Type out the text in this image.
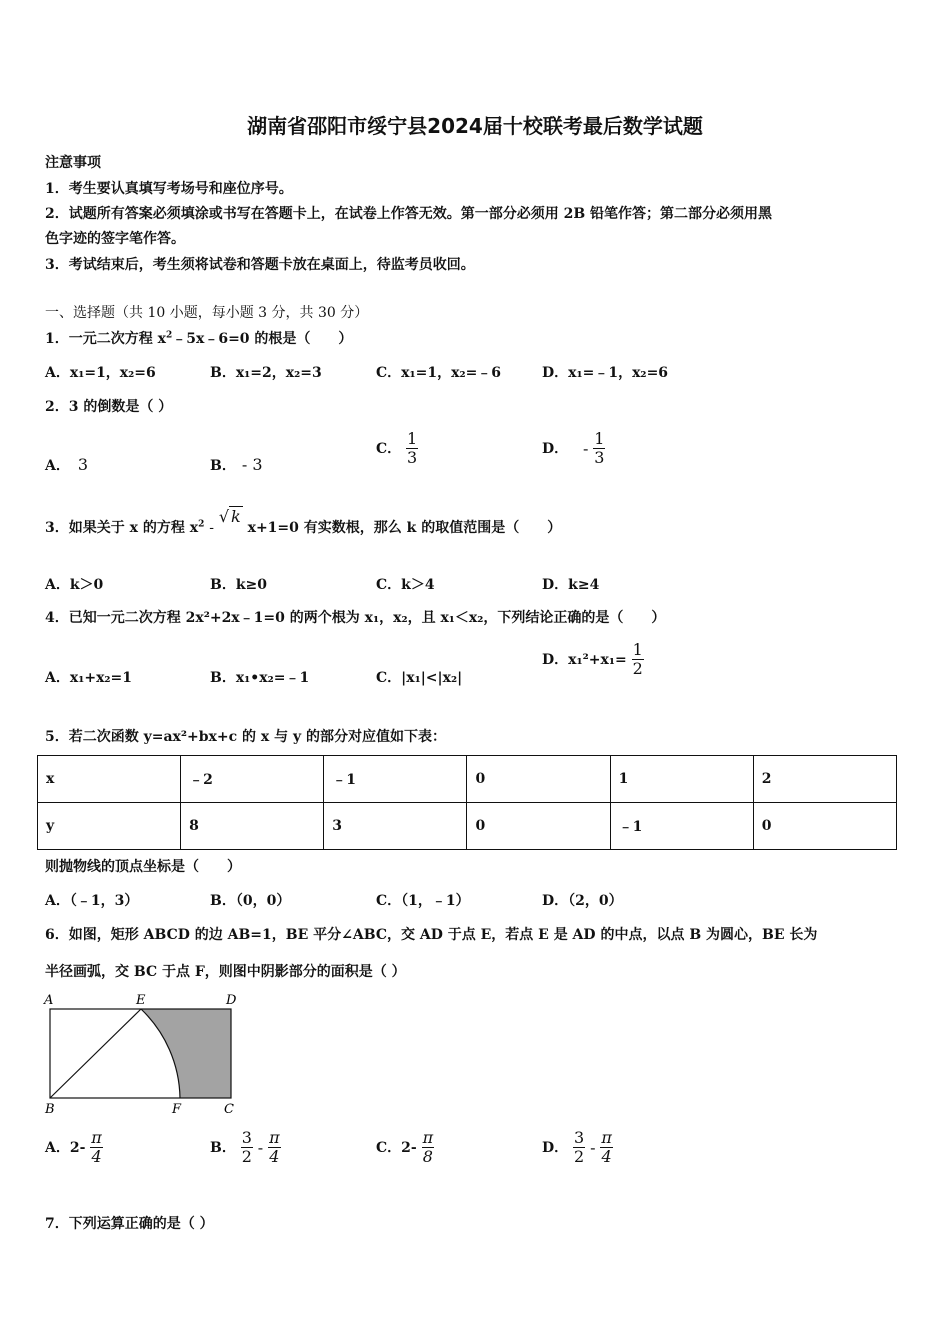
湖南省邵阳市绥宁县2024届十校联考最后数学试题
注意事项
1．考生要认真填写考场号和座位序号。
2．试题所有答案必须填涂或书写在答题卡上，在试卷上作答无效。第一部分必须用 2B 铅笔作答；第二部分必须用黑
色字迹的签字笔作答。
3．考试结束后，考生须将试卷和答题卡放在桌面上，待监考员收回。
一、选择题（共 10 小题，每小题 3 分，共 30 分）
1．一元二次方程 $x^2﹣5x﹣6=0$ 的根是（　　）
A．x₁=1，x₂=6	B．x₁=2，x₂=3	C．x₁=1，x₂=﹣6	D．x₁=﹣1，x₂=6
2．3 的倒数是（ ）
A． 3	B． - 3
C． $\frac{1}{3}$	D． - $\frac{1}{3}$
3．如果关于 x 的方程 $x^2$ - √ k x+1=0 有实数根，那么 k 的取值范围是（　　）
A．k＞0	B．k≥0	C．k＞4	D．k≥4
4．已知一元二次方程 2x²+2x﹣1=0 的两个根为 x₁，x₂，且 x₁＜x₂，下列结论正确的是（　　）
A．x₁+x₂=1	B．x₁•x₂=﹣1	C．|x₁|<|x₂|
D．$x_1^2+x_1= \frac{1}{2}$
5．若二次函数 y=ax²+bx+c 的 x 与 y 的部分对应值如下表：
x	﹣2	﹣1	0	1	2
y	8	3	0	﹣1	0
则抛物线的顶点坐标是（　　）
A．（﹣1，3）	B．（0，0）	C．（1，﹣1）	D．（2，0）
6．如图，矩形 ABCD 的边 AB=1，BE 平分∠ABC，交 AD 于点 E，若点 E 是 AD 的中点，以点 B 为圆心，BE 长为
半径画弧，交 BC 于点 F，则图中阴影部分的面积是（ ）
A	E	D
B	F	C
A．$2- \frac{\pi}{4}$	B． $\frac{3}{2} - \frac{\pi}{4}$	C．$2- \frac{\pi}{8}$	D． $\frac{3}{2} - \frac{\pi}{4}$
7．下列运算正确的是（ ）
